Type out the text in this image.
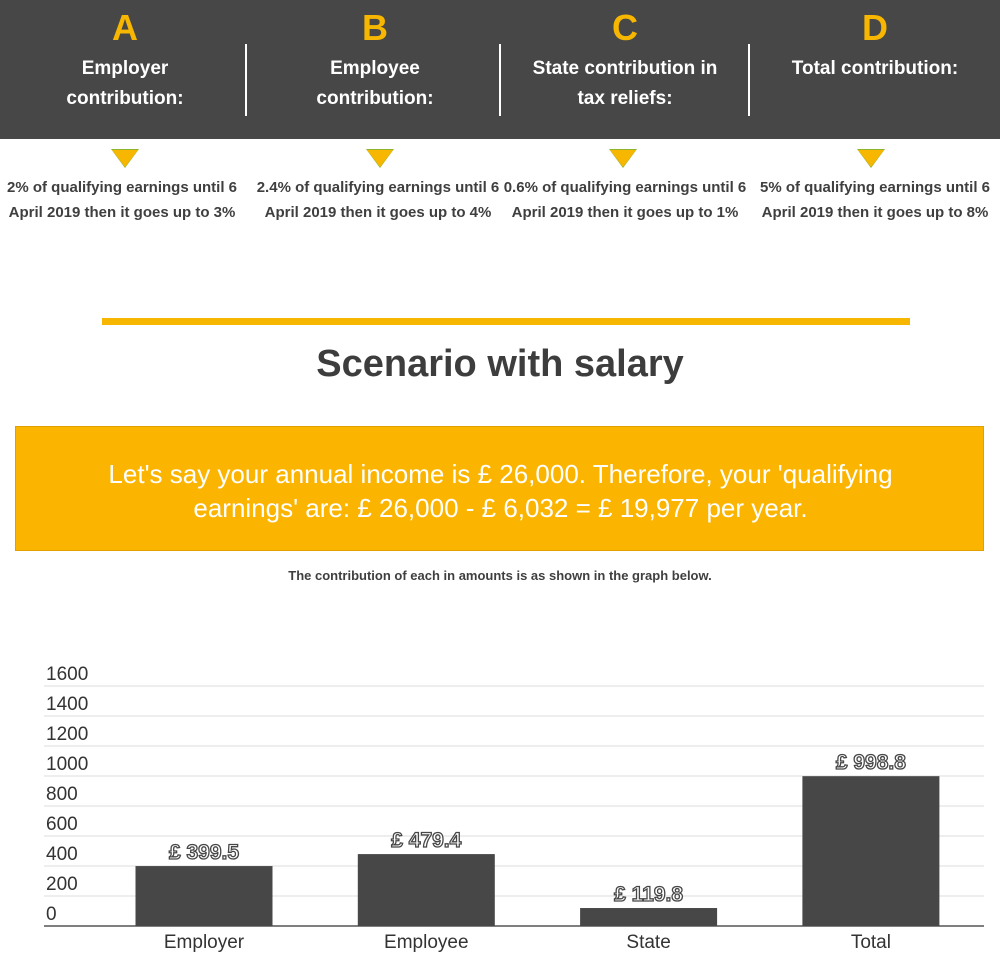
A
Employer contribution:
B
Employee contribution:
C
State contribution in tax reliefs:
D
Total contribution:
2% of qualifying earnings until 6 April 2019 then it goes up to 3%
2.4% of qualifying earnings until 6 April 2019 then it goes up to 4%
0.6% of qualifying earnings until 6 April 2019 then it goes up to 1%
5% of qualifying earnings until 6 April 2019 then it goes up to 8%
Scenario with salary
Let's say your annual income is £ 26,000. Therefore, your 'qualifying earnings' are: £ 26,000 - £ 6,032 = £ 19,977 per year.
The contribution of each in amounts is as shown in the graph below.
0
200
400
600
800
1000
1200
1400
1600
£ 399.5
Employer
£ 479.4
Employee
£ 119.8
State
£ 998.8
Total
